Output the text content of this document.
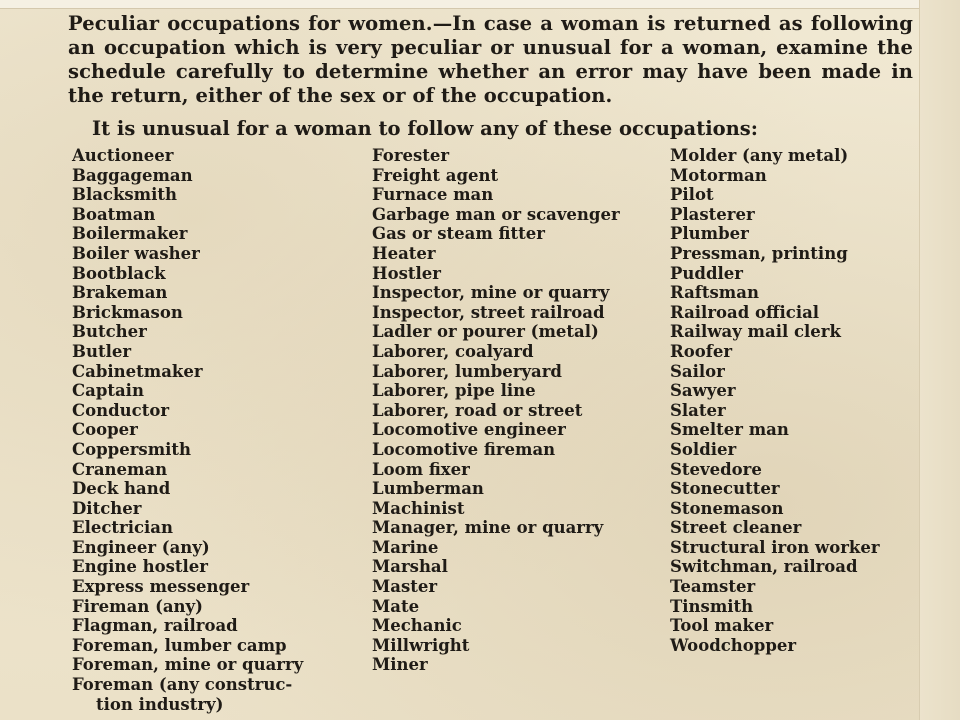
Peculiar occupations for women.—In case a woman is returned as following an occupation which is very peculiar or unusual for a woman, examine the schedule carefully to determine whether an error may have been made in the return, either of the sex or of the occupation.

It is unusual for a woman to follow any of these occupations:

Auctioneer
Baggageman
Blacksmith
Boatman
Boilermaker
Boiler washer
Bootblack
Brakeman
Brickmason
Butcher
Butler
Cabinetmaker
Captain
Conductor
Cooper
Coppersmith
Craneman
Deck hand
Ditcher
Electrician
Engineer (any)
Engine hostler
Express messenger
Fireman (any)
Flagman, railroad
Foreman, lumber camp
Foreman, mine or quarry
Foreman (any construc-
tion industry)
Forester
Freight agent
Furnace man
Garbage man or scavenger
Gas or steam fitter
Heater
Hostler
Inspector, mine or quarry
Inspector, street railroad
Ladler or pourer (metal)
Laborer, coalyard
Laborer, lumberyard
Laborer, pipe line
Laborer, road or street
Locomotive engineer
Locomotive fireman
Loom fixer
Lumberman
Machinist
Manager, mine or quarry
Marine
Marshal
Master
Mate
Mechanic
Millwright
Miner
Molder (any metal)
Motorman
Pilot
Plasterer
Plumber
Pressman, printing
Puddler
Raftsman
Railroad official
Railway mail clerk
Roofer
Sailor
Sawyer
Slater
Smelter man
Soldier
Stevedore
Stonecutter
Stonemason
Street cleaner
Structural iron worker
Switchman, railroad
Teamster
Tinsmith
Tool maker
Woodchopper
